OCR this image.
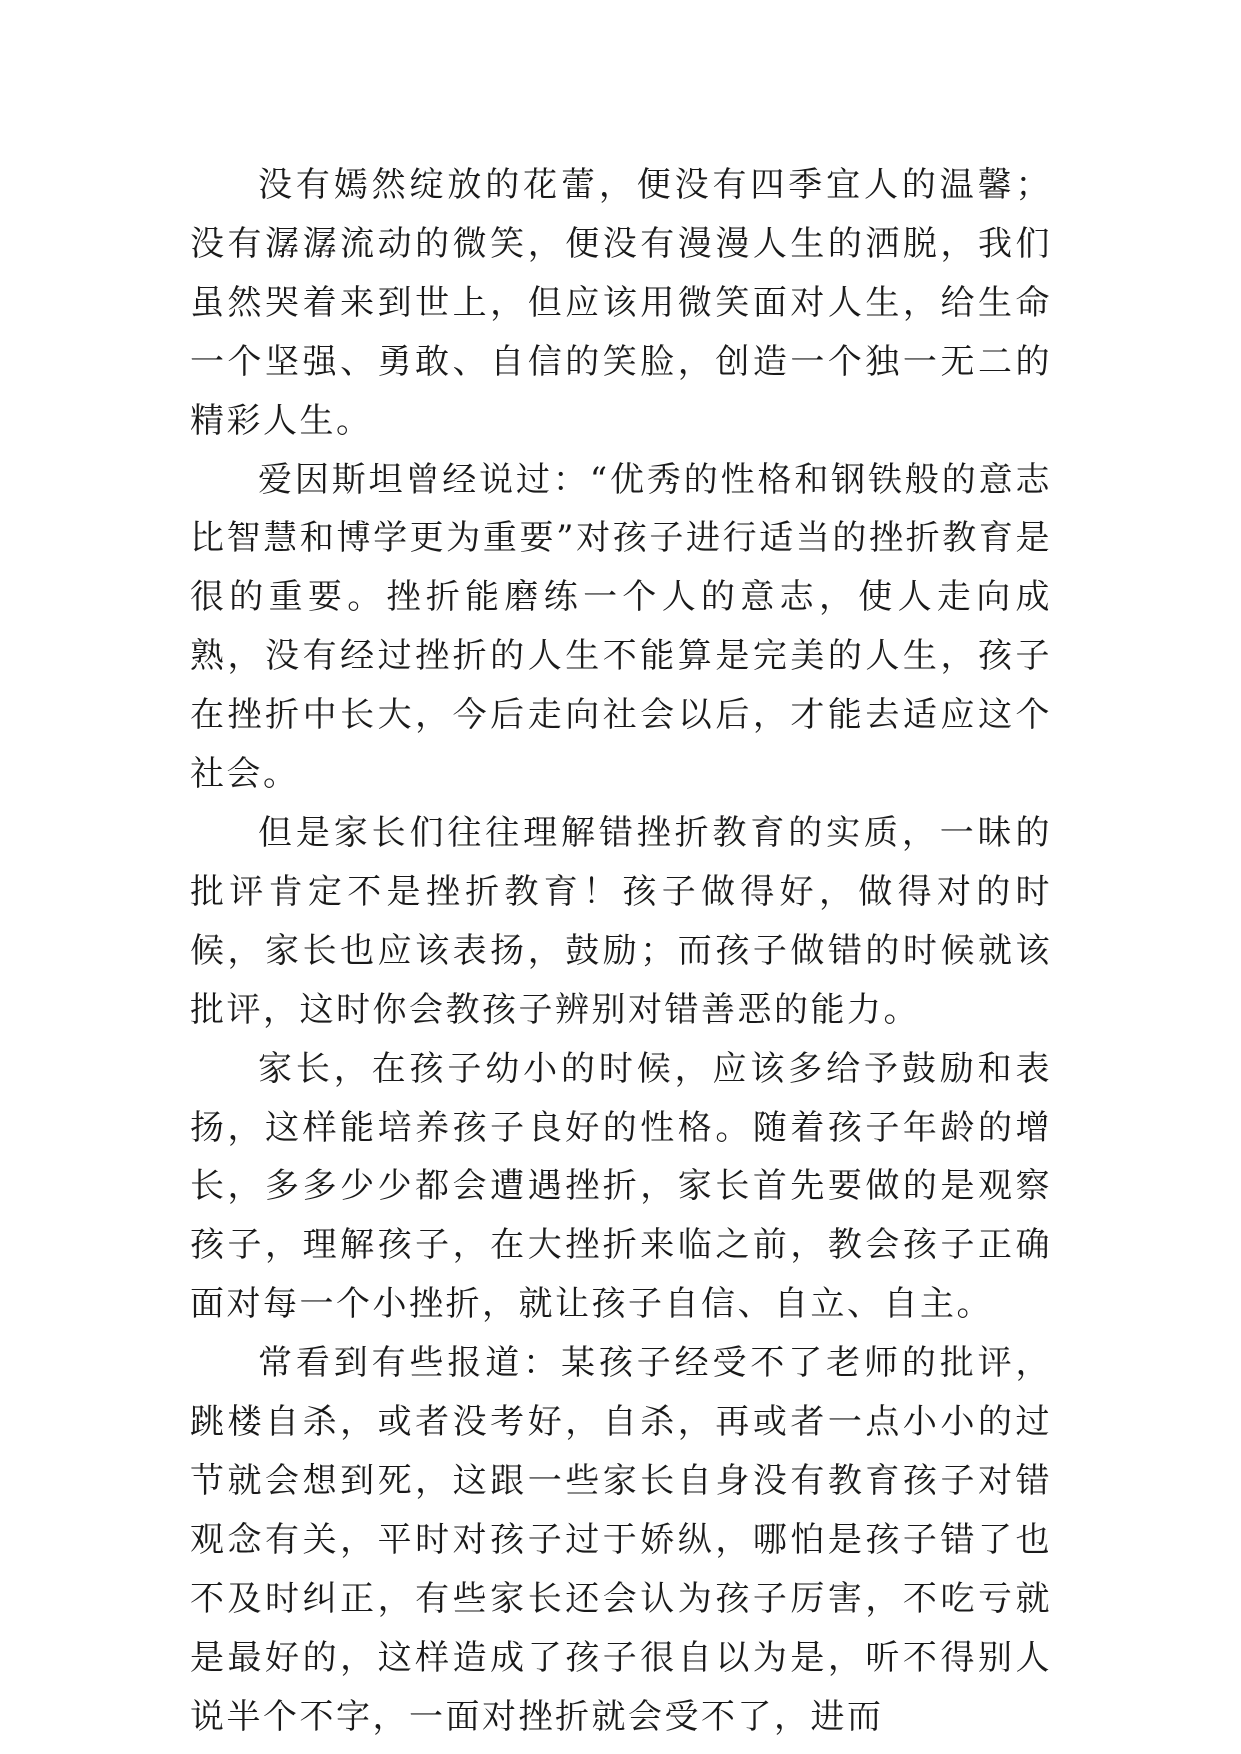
没有嫣然绽放的花蕾，便没有四季宜人的温馨；没有潺潺流动的微笑，便没有漫漫人生的洒脱，我们虽然哭着来到世上，但应该用微笑面对人生，给生命一个坚强、勇敢、自信的笑脸，创造一个独一无二的精彩人生。

爱因斯坦曾经说过：“优秀的性格和钢铁般的意志比智慧和博学更为重要”对孩子进行适当的挫折教育是很的重要。挫折能磨练一个人的意志，使人走向成熟，没有经过挫折的人生不能算是完美的人生，孩子在挫折中长大，今后走向社会以后，才能去适应这个社会。

但是家长们往往理解错挫折教育的实质，一昧的批评肯定不是挫折教育！孩子做得好，做得对的时候，家长也应该表扬，鼓励；而孩子做错的时候就该批评，这时你会教孩子辨别对错善恶的能力。

家长，在孩子幼小的时候，应该多给予鼓励和表扬，这样能培养孩子良好的性格。随着孩子年龄的增长，多多少少都会遭遇挫折，家长首先要做的是观察孩子，理解孩子，在大挫折来临之前，教会孩子正确面对每一个小挫折，就让孩子自信、自立、自主。

常看到有些报道：某孩子经受不了老师的批评，跳楼自杀，或者没考好，自杀，再或者一点小小的过节就会想到死，这跟一些家长自身没有教育孩子对错观念有关，平时对孩子过于娇纵，哪怕是孩子错了也不及时纠正，有些家长还会认为孩子厉害，不吃亏就是最好的，这样造成了孩子很自以为是，听不得别人说半个不字，一面对挫折就会受不了，进而
